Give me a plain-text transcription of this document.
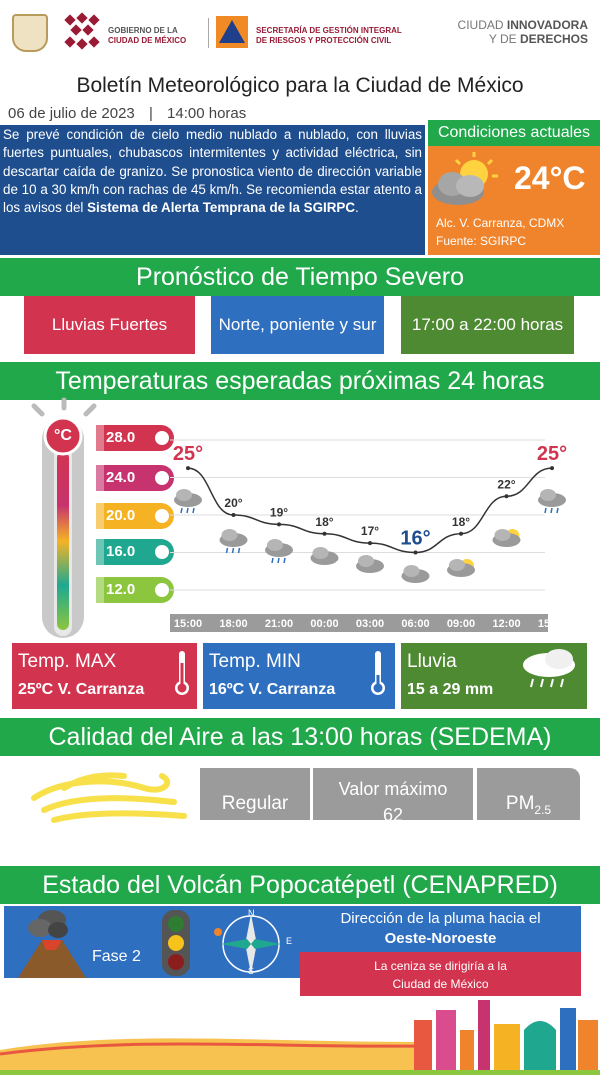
GOBIERNO DE LA
CIUDAD DE MÉXICO
SECRETARÍA DE GESTIÓN INTEGRAL
DE RIESGOS Y PROTECCIÓN CIVIL
CIUDAD INNOVADORA
Y DE DERECHOS
Boletín Meteorológico para la Ciudad de México
06 de julio de 2023 | 14:00 horas
Se prevé condición de cielo medio nublado a nublado, con lluvias fuertes puntuales, chubascos intermitentes y actividad eléctrica, sin descartar caída de granizo. Se pronostica viento de dirección variable de 10 a 30 km/h con rachas de 45 km/h. Se recomienda estar atento a los avisos del Sistema de Alerta Temprana de la SGIRPC.
Condiciones actuales
24°C
Alc. V. Carranza, CDMX
Fuente: SGIRPC
Pronóstico de Tiempo Severo
Lluvias Fuertes	Norte, poniente y sur	17:00 a 22:00 horas
Temperaturas esperadas próximas 24 horas
°C	28.0
24.0
20.0
16.0
12.0
15:00 18:00 21:00 00:00 03:00 06:00 09:00 12:00 15:00
25°
20°
19°
18°
17° 16°
18°
22°
25°
Temp. MAX
25ºC V. Carranza
Temp. MIN
16ºC V. Carranza
Lluvia
15 a 29 mm
Calidad del Aire a las 13:00 horas (SEDEMA)
Regular
Valor máximo
62
$PM_{2.5}$
Estado del Volcán Popocatépetl (CENAPRED)
Fase 2
N
E
S
Dirección de la pluma hacia el
Oeste-Noroeste
La ceniza se dirigiría a la
Ciudad de México
